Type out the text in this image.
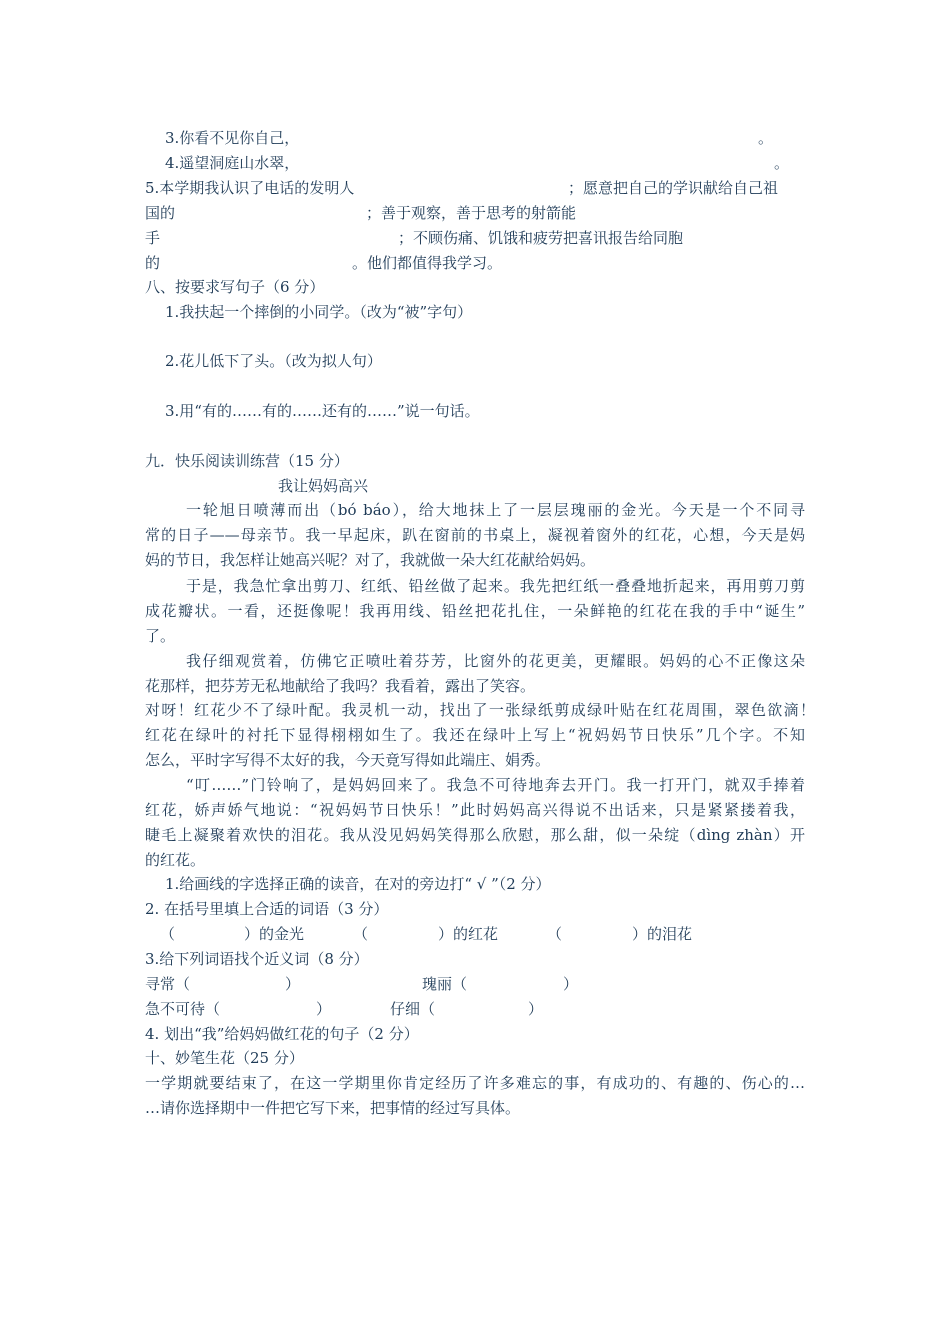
3.你看不见你自己，	。
4.遥望洞庭山水翠，	。
5.本学期我认识了电话的发明人	；愿意把自己的学识献给自己祖
国的	；善于观察，善于思考的射箭能
手	；不顾伤痛、饥饿和疲劳把喜讯报告给同胞
的	。他们都值得我学习。
八、按要求写句子（6 分）
1.我扶起一个摔倒的小同学。（改为“被”字句）
2.花儿低下了头。（改为拟人句）
3.用“有的……有的……还有的……”说一句话。
九．快乐阅读训练营（15 分）
我让妈妈高兴
一轮旭日喷薄而出（bó báo），给大地抹上了一层层瑰丽的金光。今天是一个不同寻
常的日子——母亲节。我一早起床，趴在窗前的书桌上，凝视着窗外的红花，心想，今天是妈
妈的节日，我怎样让她高兴呢？对了，我就做一朵大红花献给妈妈。
于是，我急忙拿出剪刀、红纸、铅丝做了起来。我先把红纸一叠叠地折起来，再用剪刀剪
成花瓣状。一看，还挺像呢！我再用线、铅丝把花扎住，一朵鲜艳的红花在我的手中“诞生”
了。
我仔细观赏着，仿佛它正喷吐着芬芳，比窗外的花更美，更耀眼。妈妈的心不正像这朵
花那样，把芬芳无私地献给了我吗？我看着，露出了笑容。
对呀！红花少不了绿叶配。我灵机一动，找出了一张绿纸剪成绿叶贴在红花周围，翠色欲滴！
红花在绿叶的衬托下显得栩栩如生了。我还在绿叶上写上“祝妈妈节日快乐”几个字。不知
怎么，平时字写得不太好的我，今天竟写得如此端庄、娟秀。
“叮……”门铃响了，是妈妈回来了。我急不可待地奔去开门。我一打开门，就双手捧着
红花，娇声娇气地说：“祝妈妈节日快乐！”此时妈妈高兴得说不出话来，只是紧紧搂着我，
睫毛上凝聚着欢快的泪花。我从没见妈妈笑得那么欣慰，那么甜，似一朵绽（dìng zhàn）开
的红花。
1.给画线的字选择正确的读音，在对的旁边打“ √ ”（2 分）
2. 在括号里填上合适的词语（3 分）
（	）的金光	（	）的红花	（	）的泪花
3.给下列词语找个近义词（8 分）
寻常（	）	瑰丽（	）
急不可待（	）	仔细（	）
4. 划出“我”给妈妈做红花的句子（2 分）
十、妙笔生花（25 分）
一学期就要结束了，在这一学期里你肯定经历了许多难忘的事，有成功的、有趣的、伤心的…
…请你选择期中一件把它写下来，把事情的经过写具体。
